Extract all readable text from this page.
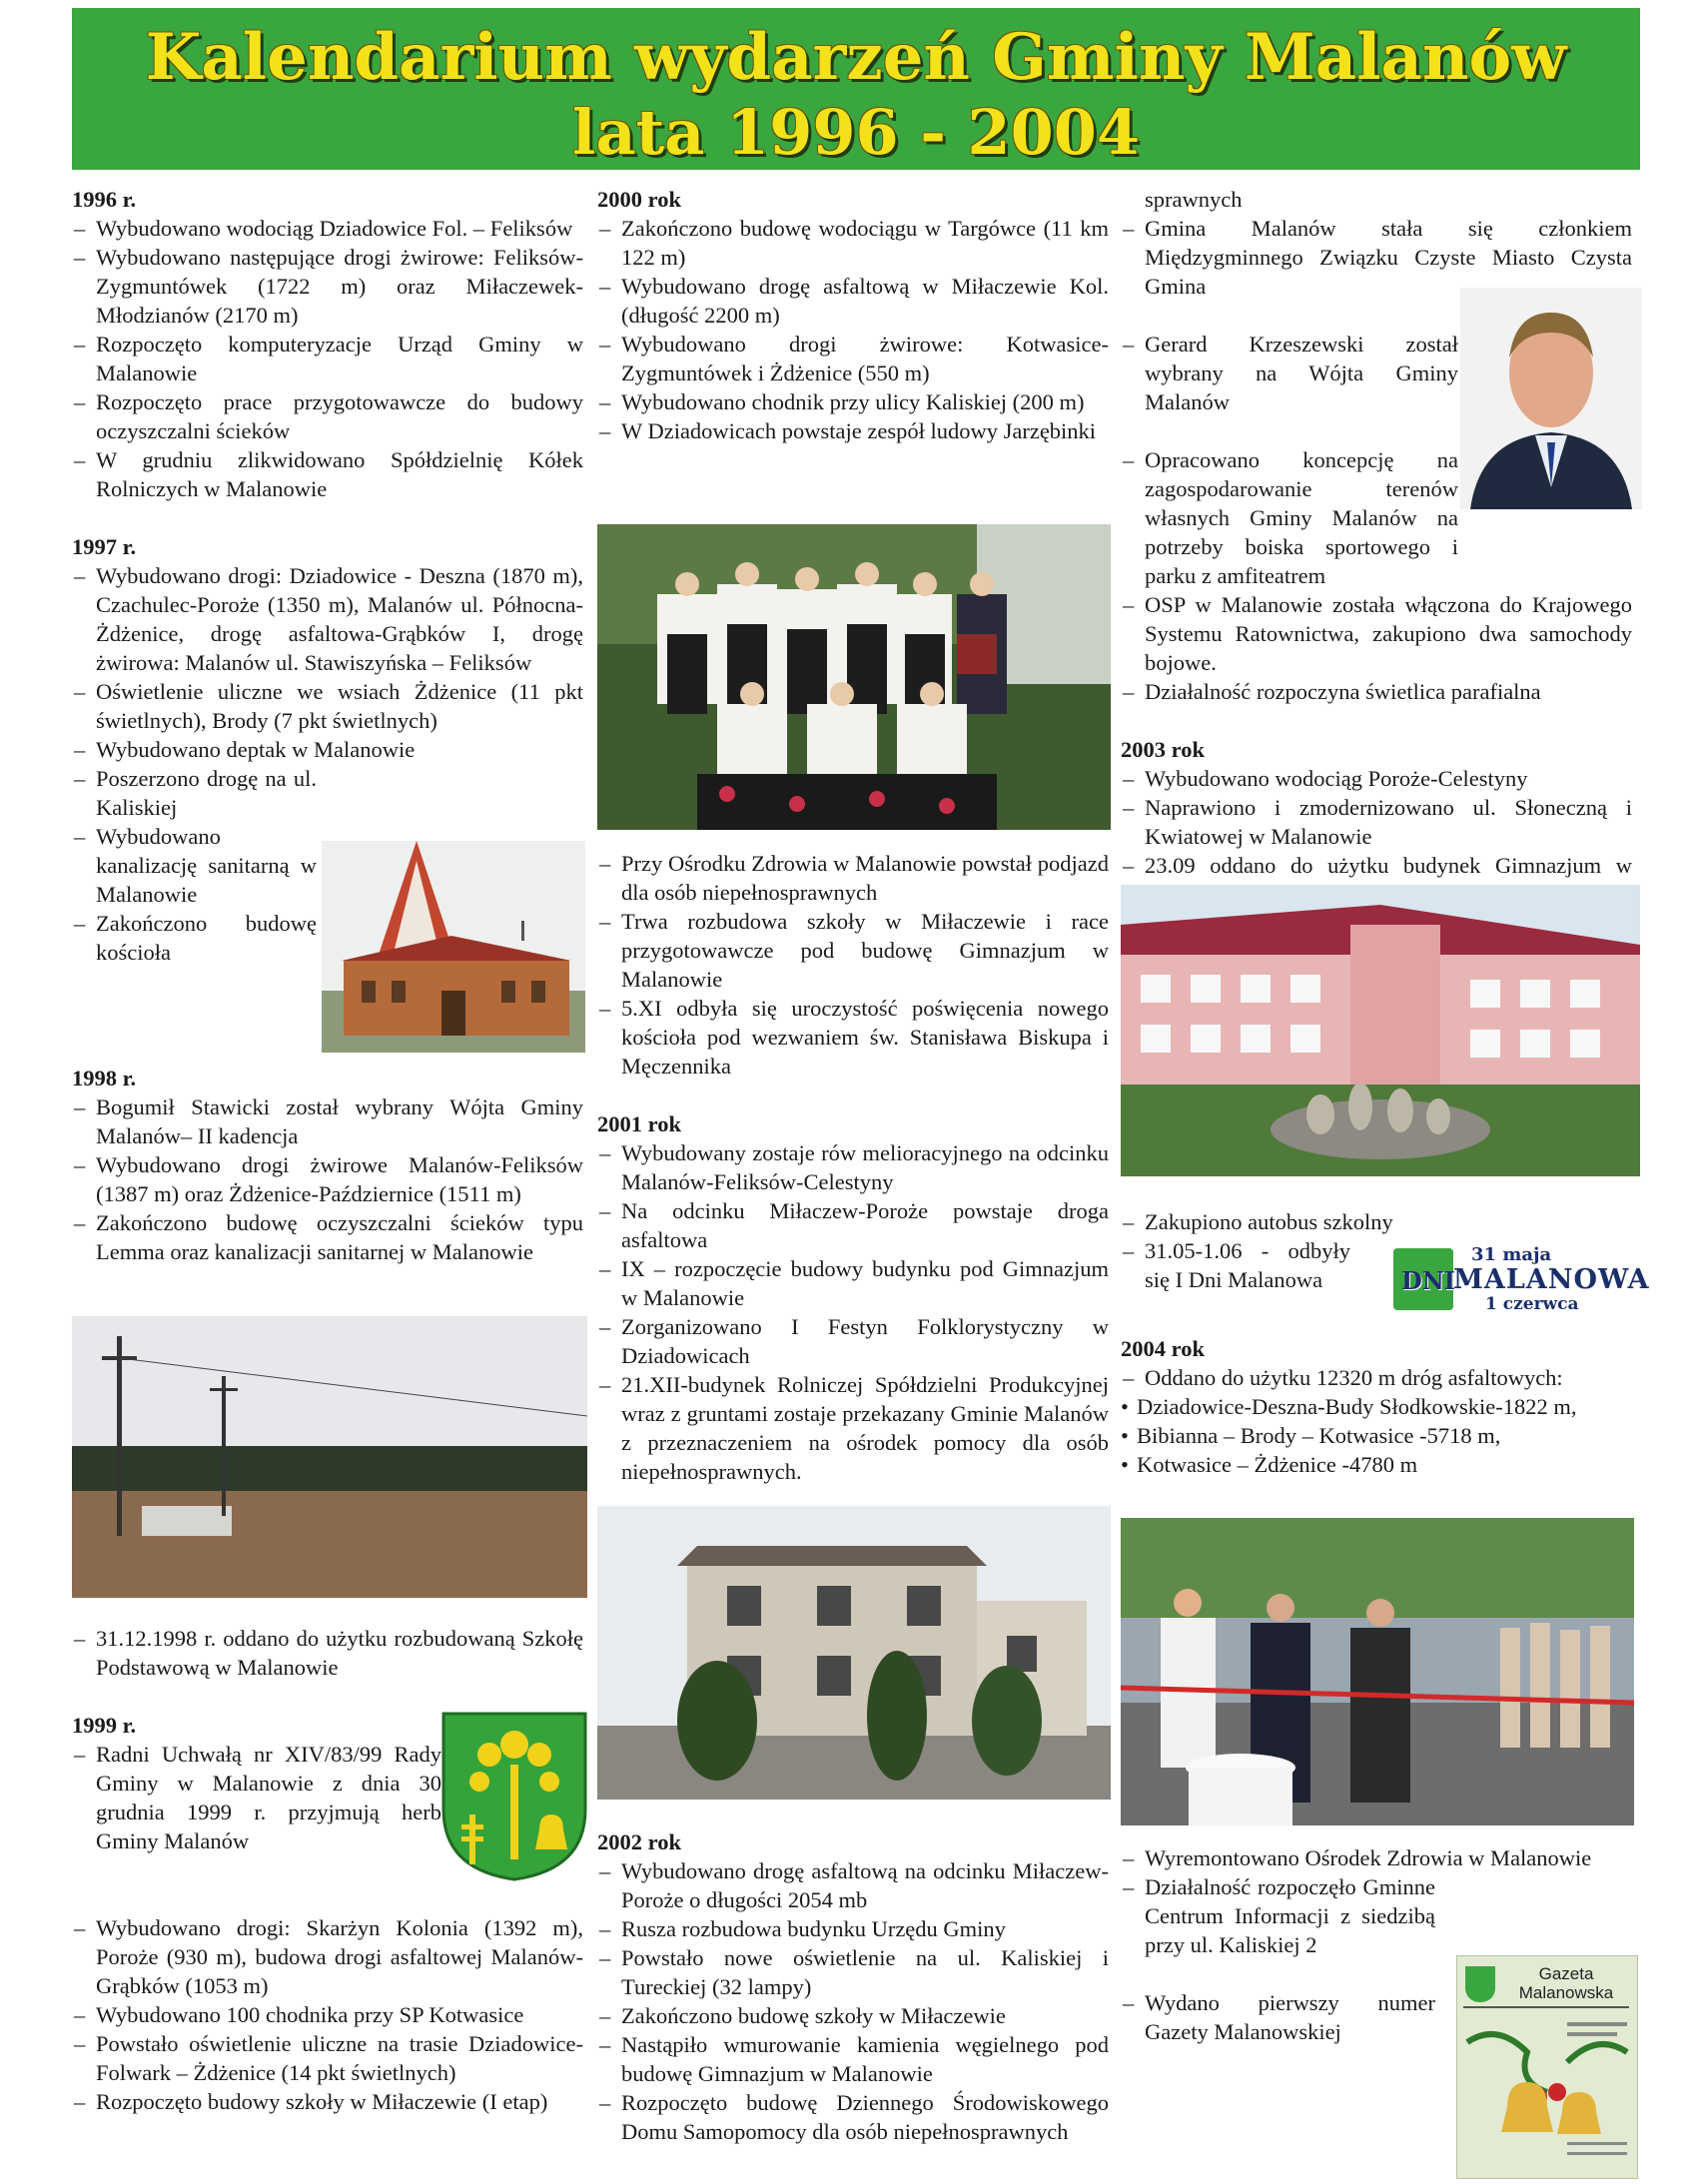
Kalendarium wydarzeń Gminy Malanów
lata 1996 - 2004

1996 r.

– Wybudowano wodociąg Dziadowice Fol. – Feliksów
– Wybudowano następujące drogi żwirowe: Feliksów-Zygmuntówek (1722 m) oraz Miłaczewek-Młodzianów (2170 m)
– Rozpoczęto komputeryzacje Urząd Gminy w Malanowie
– Rozpoczęto prace przygotowawcze do budowy oczyszczalni ścieków
– W grudniu zlikwidowano Spółdzielnię Kółek Rolniczych w Malanowie

1997 r.

– Wybudowano drogi: Dziadowice - Deszna (1870 m), Czachulec-Poroże (1350 m), Malanów ul. Północna-Żdżenice, drogę asfaltowa-Grąbków I, drogę żwirowa: Malanów ul. Stawiszyńska – Feliksów
– Oświetlenie uliczne we wsiach Żdżenice (11 pkt świetlnych), Brody (7 pkt świetlnych)
– Wybudowano deptak w Malanowie
– Poszerzono drogę na ul. Kaliskiej
– Wybudowano kanalizację sanitarną w Malanowie
– Zakończono budowę kościoła

1998 r.

– Bogumił Stawicki został wybrany Wójta Gminy Malanów– II kadencja
– Wybudowano drogi żwirowe Malanów-Feliksów (1387 m) oraz Żdżenice-Październice (1511 m)
– Zakończono budowę oczyszczalni ścieków typu Lemma oraz kanalizacji sanitarnej w Malanowie
– 31.12.1998 r. oddano do użytku rozbudowaną Szkołę Podstawową w Malanowie

1999 r.

– Radni Uchwałą nr XIV/83/99 Rady Gminy w Malanowie z dnia 30 grudnia 1999 r. przyjmują herb Gminy Malanów
– Wybudowano drogi: Skarżyn Kolonia (1392 m), Poroże (930 m), budowa drogi asfaltowej Malanów-Grąbków (1053 m)
– Wybudowano 100 chodnika przy SP Kotwasice
– Powstało oświetlenie uliczne na trasie Dziadowice-Folwark – Żdżenice (14 pkt świetlnych)
– Rozpoczęto budowy szkoły w Miłaczewie (I etap)

2000 rok

– Zakończono budowę wodociągu w Targówce (11 km 122 m)
– Wybudowano drogę asfaltową w Miłaczewie Kol. (długość 2200 m)
– Wybudowano drogi żwirowe: Kotwasice-Zygmuntówek i Żdżenice (550 m)
– Wybudowano chodnik przy ulicy Kaliskiej (200 m)
– W Dziadowicach powstaje zespół ludowy Jarzębinki
– Przy Ośrodku Zdrowia w Malanowie powstał podjazd dla osób niepełnosprawnych
– Trwa rozbudowa szkoły w Miłaczewie i race przygotowawcze pod budowę Gimnazjum w Malanowie
– 5.XI odbyła się uroczystość poświęcenia nowego kościoła pod wezwaniem św. Stanisława Biskupa i Męczennika

2001 rok

– Wybudowany zostaje rów melioracyjnego na odcinku Malanów-Feliksów-Celestyny
– Na odcinku Miłaczew-Poroże powstaje droga asfaltowa
– IX – rozpoczęcie budowy budynku pod Gimnazjum w Malanowie
– Zorganizowano I Festyn Folklorystyczny w Dziadowicach
– 21.XII-budynek Rolniczej Spółdzielni Produkcyjnej wraz z gruntami zostaje przekazany Gminie Malanów z przeznaczeniem na ośrodek pomocy dla osób niepełnosprawnych.

2002 rok

– Wybudowano drogę asfaltową na odcinku Miłaczew-Poroże o długości 2054 mb
– Rusza rozbudowa budynku Urzędu Gminy
– Powstało nowe oświetlenie na ul. Kaliskiej i Tureckiej (32 lampy)
– Zakończono budowę szkoły w Miłaczewie
– Nastąpiło wmurowanie kamienia węgielnego pod budowę Gimnazjum w Malanowie
– Rozpoczęto budowę Dziennego Środowiskowego Domu Samopomocy dla osób niepełnosprawnych
sprawnych
– Gmina Malanów stała się członkiem Międzygminnego Związku Czyste Miasto Czysta Gmina
– Gerard Krzeszewski został wybrany na Wójta Gminy Malanów
– Opracowano koncepcję na zagospodarowanie terenów własnych Gminy Malanów na potrzeby boiska sportowego i parku z amfiteatrem
– OSP w Malanowie została włączona do Krajowego Systemu Ratownictwa, zakupiono dwa samochody bojowe.
– Działalność rozpoczyna świetlica parafialna

2003 rok

– Wybudowano wodociąg Poroże-Celestyny
– Naprawiono i zmodernizowano ul. Słoneczną i Kwiatowej w Malanowie
– 23.09 oddano do użytku budynek Gimnazjum w
– Zakupiono autobus szkolny
– 31.05-1.06 - odbyły się I Dni Malanowa

2004 rok

– Oddano do użytku 12320 m dróg asfaltowych:
• Dziadowice-Deszna-Budy Słodkowskie-1822 m,
• Bibianna – Brody – Kotwasice -5718 m,
• Kotwasice – Żdżenice -4780 m
DNI
31 maja
MALANOWA
1 czerwca
– Wyremontowano Ośrodek Zdrowia w Malanowie
– Działalność rozpoczęło Gminne Centrum Informacji z siedzibą przy ul. Kaliskiej 2
– Wydano pierwszy numer Gazety Malanowskiej
Gazeta
Malanowska
